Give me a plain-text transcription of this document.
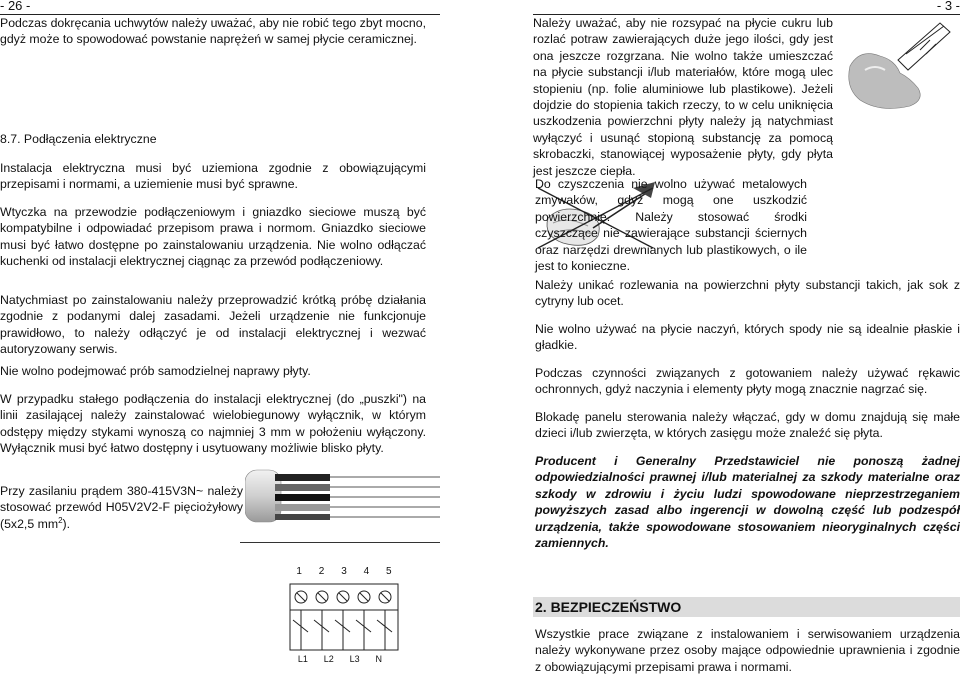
- 26 -

Podczas dokręcania uchwytów należy uważać, aby nie robić tego zbyt mocno, gdyż może to spowodować powstanie naprężeń w samej płycie ceramicznej.

8.7. Podłączenia elektryczne

Instalacja elektryczna musi być uziemiona zgodnie z obowiązującymi przepisami i normami, a uziemienie musi być sprawne.

Wtyczka na przewodzie podłączeniowym i gniazdko sieciowe muszą być kompatybilne i odpowiadać przepisom prawa i normom. Gniazdko sieciowe musi być łatwo dostępne po zainstalowaniu urządzenia. Nie wolno odłączać kuchenki od instalacji elektrycznej ciągnąc za przewód podłączeniowy.

Natychmiast po zainstalowaniu należy przeprowadzić krótką próbę działania zgodnie z podanymi dalej zasadami. Jeżeli urządzenie nie funkcjonuje prawidłowo, to należy odłączyć je od instalacji elektrycznej i wezwać autoryzowany serwis.

Nie wolno podejmować prób samodzielnej naprawy płyty.

W przypadku stałego podłączenia do instalacji elektrycznej (do „puszki") na linii zasilającej należy zainstalować wielobiegunowy wyłącznik, w którym odstępy między stykami wynoszą co najmniej 3 mm w położeniu wyłączony. Wyłącznik musi być łatwo dostępny i usytuowany możliwie blisko płyty.

Przy zasilaniu prądem 380-415V3N~ należy stosować przewód H05V2V2-F pięciożyłowy (5x2,5 $mm^2$).

1 2 3 4 5
L1 L2 L3 N
- 3 -

Należy uważać, aby nie rozsypać na płycie cukru lub rozlać potraw zawierających duże jego ilości, gdy jest ona jeszcze rozgrzana. Nie wolno także umieszczać na płycie substancji i/lub materiałów, które mogą ulec stopieniu (np. folie aluminiowe lub plastikowe). Jeżeli dojdzie do stopienia takich rzeczy, to w celu uniknięcia uszkodzenia powierzchni płyty należy ją natychmiast wyłączyć i usunąć stopioną substancję za pomocą skrobaczki, stanowiącej wyposażenie płyty, gdy płyta jest jeszcze ciepła.

Do czyszczenia nie wolno używać metalowych zmywaków, gdyż mogą one uszkodzić powierzchnię. Należy stosować środki czyszczące nie zawierające substancji ściernych oraz narzędzi drewnianych lub plastikowych, o ile jest to konieczne.

Należy unikać rozlewania na powierzchni płyty substancji takich, jak sok z cytryny lub ocet.

Nie wolno używać na płycie naczyń, których spody nie są idealnie płaskie i gładkie.

Podczas czynności związanych z gotowaniem należy używać rękawic ochronnych, gdyż naczynia i elementy płyty mogą znacznie nagrzać się.

Blokadę panelu sterowania należy włączać, gdy w domu znajdują się małe dzieci i/lub zwierzęta, w których zasięgu może znaleźć się płyta.

Producent i Generalny Przedstawiciel nie ponoszą żadnej odpowiedzialności prawnej i/lub materialnej za szkody materialne oraz szkody w zdrowiu i życiu ludzi spowodowane nieprzestrzeganiem powyższych zasad albo ingerencji w dowolną część lub podzespół urządzenia, także spowodowane stosowaniem nieoryginalnych części zamiennych.

2. BEZPIECZEŃSTWO

Wszystkie prace związane z instalowaniem i serwisowaniem urządzenia należy wykonywane przez osoby mające odpowiednie uprawnienia i zgodnie z obowiązującymi przepisami prawa i normami.
